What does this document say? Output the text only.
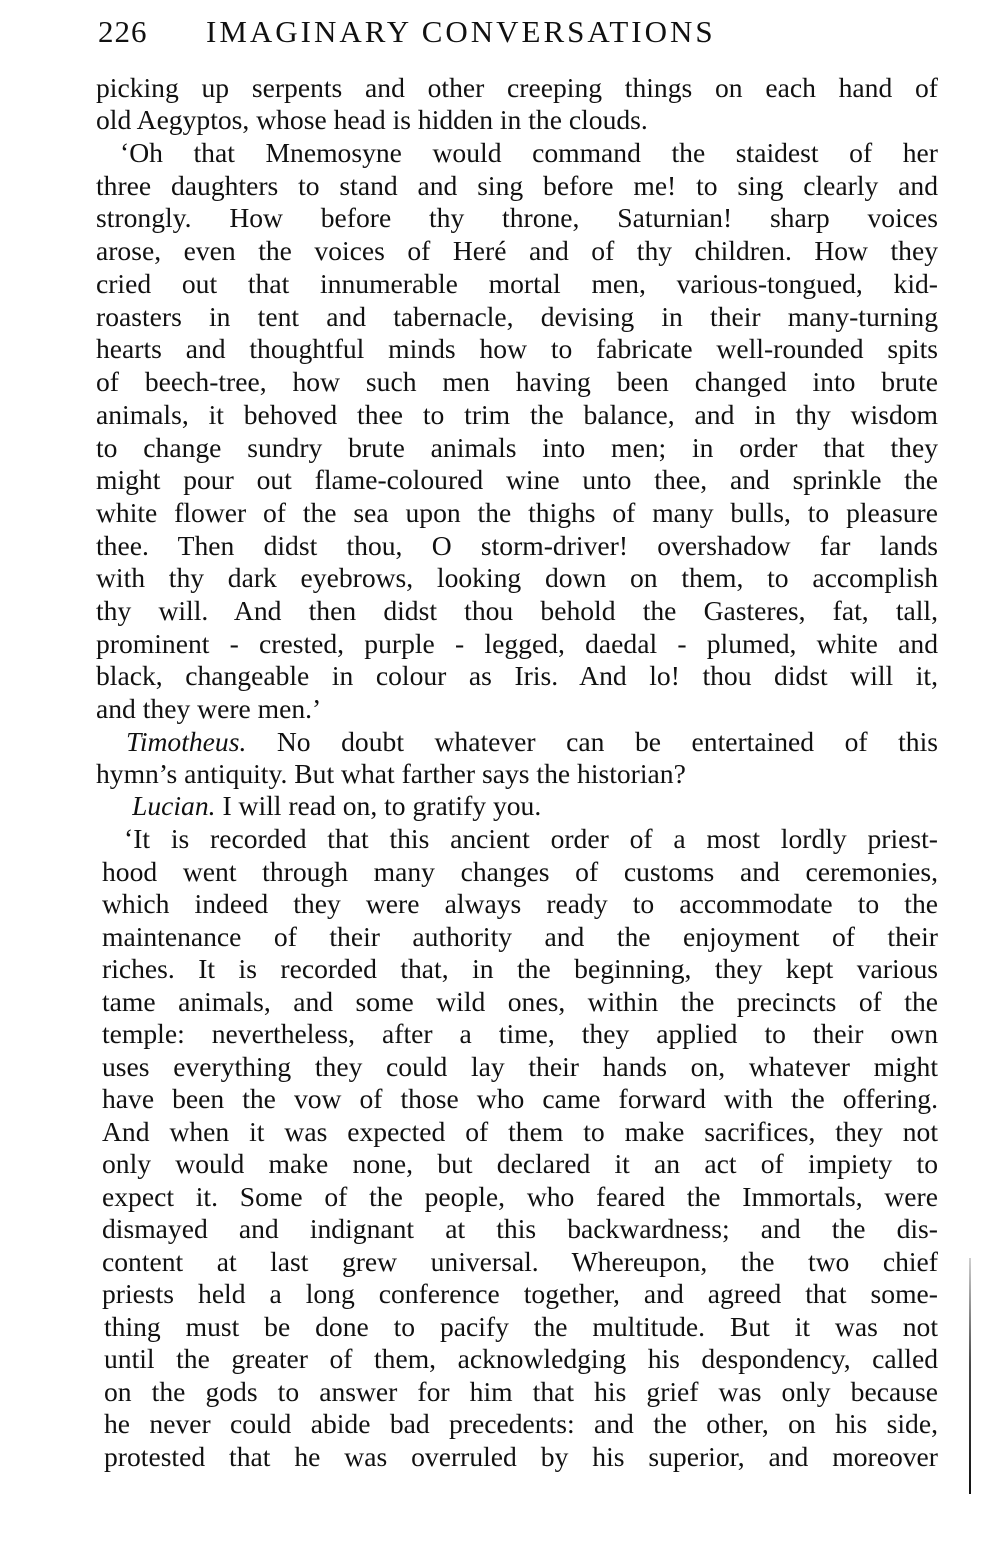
226 IMAGINARY CONVERSATIONS
picking up serpents and other creeping things on each hand of
old Aegyptos, whose head is hidden in the clouds.
‘Oh that Mnemosyne would command the staidest of her
three daughters to stand and sing before me! to sing clearly and
strongly. How before thy throne, Saturnian! sharp voices
arose, even the voices of Heré and of thy children. How they
cried out that innumerable mortal men, various-tongued, kid-
roasters in tent and tabernacle, devising in their many-turning
hearts and thoughtful minds how to fabricate well-rounded spits
of beech-tree, how such men having been changed into brute
animals, it behoved thee to trim the balance, and in thy wisdom
to change sundry brute animals into men; in order that they
might pour out flame-coloured wine unto thee, and sprinkle the
white flower of the sea upon the thighs of many bulls, to pleasure
thee. Then didst thou, O storm-driver! overshadow far lands
with thy dark eyebrows, looking down on them, to accomplish
thy will. And then didst thou behold the Gasteres, fat, tall,
prominent - crested, purple - legged, daedal - plumed, white and
black, changeable in colour as Iris. And lo! thou didst will it,
and they were men.’
Timotheus. No doubt whatever can be entertained of this
hymn’s antiquity. But what farther says the historian?
Lucian. I will read on, to gratify you.
‘It is recorded that this ancient order of a most lordly priest-
hood went through many changes of customs and ceremonies,
which indeed they were always ready to accommodate to the
maintenance of their authority and the enjoyment of their
riches. It is recorded that, in the beginning, they kept various
tame animals, and some wild ones, within the precincts of the
temple: nevertheless, after a time, they applied to their own
uses everything they could lay their hands on, whatever might
have been the vow of those who came forward with the offering.
And when it was expected of them to make sacrifices, they not
only would make none, but declared it an act of impiety to
expect it. Some of the people, who feared the Immortals, were
dismayed and indignant at this backwardness; and the dis-
content at last grew universal. Whereupon, the two chief
priests held a long conference together, and agreed that some-
thing must be done to pacify the multitude. But it was not
until the greater of them, acknowledging his despondency, called
on the gods to answer for him that his grief was only because
he never could abide bad precedents: and the other, on his side,
protested that he was overruled by his superior, and moreover
